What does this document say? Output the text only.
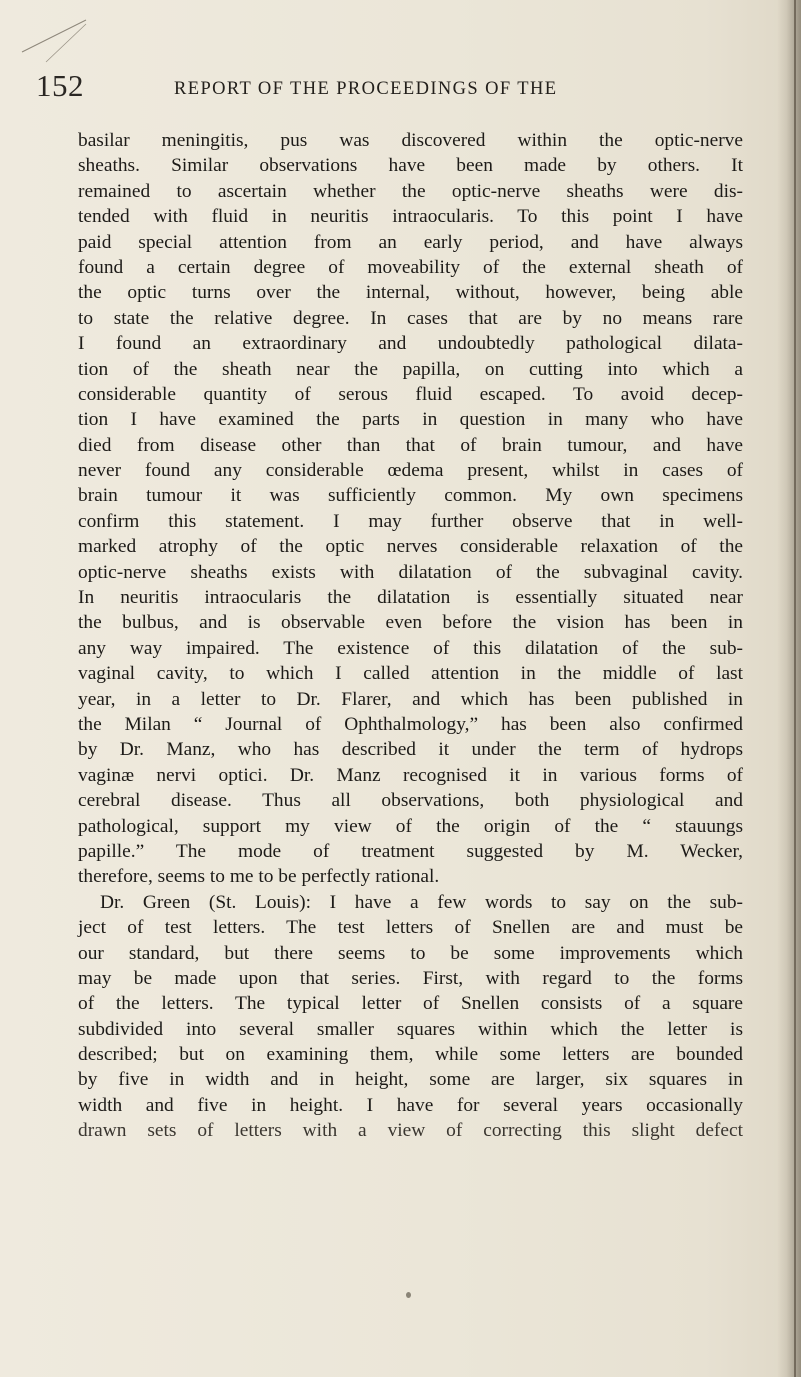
152	REPORT OF THE PROCEEDINGS OF THE
basilar meningitis, pus was discovered within the optic-nerve
sheaths. Similar observations have been made by others. It
remained to ascertain whether the optic-nerve sheaths were dis-
tended with fluid in neuritis intraocularis. To this point I have
paid special attention from an early period, and have always
found a certain degree of moveability of the external sheath of
the optic turns over the internal, without, however, being able
to state the relative degree. In cases that are by no means rare
I found an extraordinary and undoubtedly pathological dilata-
tion of the sheath near the papilla, on cutting into which a
considerable quantity of serous fluid escaped. To avoid decep-
tion I have examined the parts in question in many who have
died from disease other than that of brain tumour, and have
never found any considerable œdema present, whilst in cases of
brain tumour it was sufficiently common. My own specimens
confirm this statement. I may further observe that in well-
marked atrophy of the optic nerves considerable relaxation of the
optic-nerve sheaths exists with dilatation of the subvaginal cavity.
In neuritis intraocularis the dilatation is essentially situated near
the bulbus, and is observable even before the vision has been in
any way impaired. The existence of this dilatation of the sub-
vaginal cavity, to which I called attention in the middle of last
year, in a letter to Dr. Flarer, and which has been published in
the Milan “ Journal of Ophthalmology,” has been also confirmed
by Dr. Manz, who has described it under the term of hydrops
vaginæ nervi optici. Dr. Manz recognised it in various forms of
cerebral disease. Thus all observations, both physiological and
pathological, support my view of the origin of the “ stauungs
papille.” The mode of treatment suggested by M. Wecker,
therefore, seems to me to be perfectly rational.
Dr. Green (St. Louis): I have a few words to say on the sub-
ject of test letters. The test letters of Snellen are and must be
our standard, but there seems to be some improvements which
may be made upon that series. First, with regard to the forms
of the letters. The typical letter of Snellen consists of a square
subdivided into several smaller squares within which the letter is
described; but on examining them, while some letters are bounded
by five in width and in height, some are larger, six squares in
width and five in height. I have for several years occasionally
drawn sets of letters with a view of correcting this slight defect
